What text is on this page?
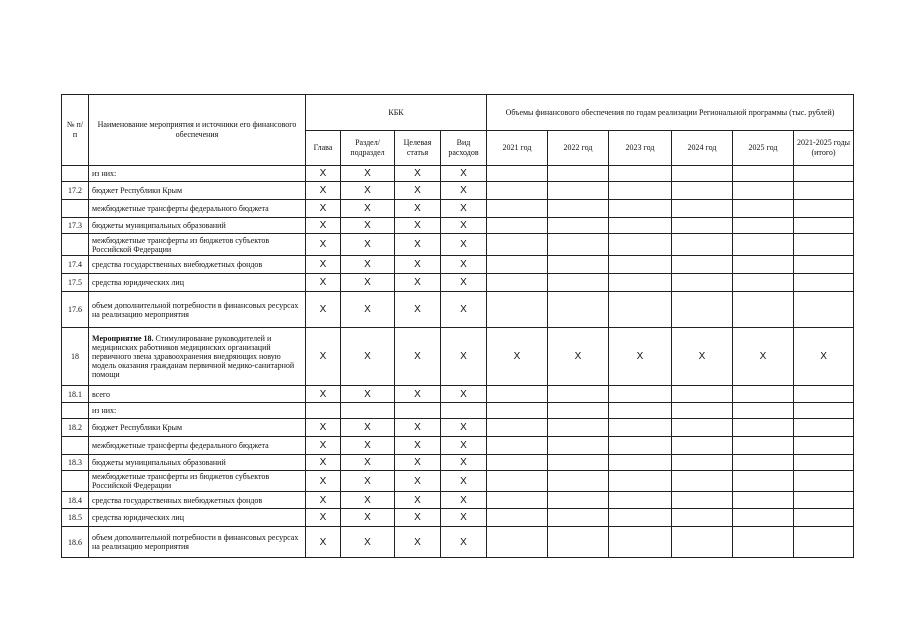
№ п/п	Наименование мероприятия и источники его финансового обеспечения	КБК				Объемы финансового обеспечения по годам реализации Региональной программы (тыс. рублей)					
		Глава	Раздел/ подраздел	Целевая статья	Вид расходов	2021 год	2022 год	2023 год	2024 год	2025 год	2021-2025 годы (итого)
	из них:	X	X	X	X						
17.2	бюджет Республики Крым	X	X	X	X						
	межбюджетные трансферты федерального бюджета	X	X	X	X						
17.3	бюджеты муниципальных образований	X	X	X	X						
	межбюджетные трансферты из бюджетов субъектов Российской Федерации	X	X	X	X						
17.4	средства государственных внебюджетных фондов	X	X	X	X						
17.5	средства юридических лиц	X	X	X	X						
17.6	объем дополнительной потребности в финансовых ресурсах на реализацию мероприятия	X	X	X	X						
18	Мероприятие 18. Стимулирование руководителей и медицинских работников медицинских организаций первичного звена здравоохранения внедряющих новую модель оказания гражданам первичной медико-санитарной помощи	X	X	X	X	X	X	X	X	X	X
18.1	всего	X	X	X	X						
	из них:										
18.2	бюджет Республики Крым	X	X	X	X						
	межбюджетные трансферты федерального бюджета	X	X	X	X						
18.3	бюджеты муниципальных образований	X	X	X	X						
	межбюджетные трансферты из бюджетов субъектов Российской Федерации	X	X	X	X						
18.4	средства государственных внебюджетных фондов	X	X	X	X						
18.5	средства юридических лиц	X	X	X	X						
18.6	объем дополнительной потребности в финансовых ресурсах на реализацию мероприятия	X	X	X	X						
